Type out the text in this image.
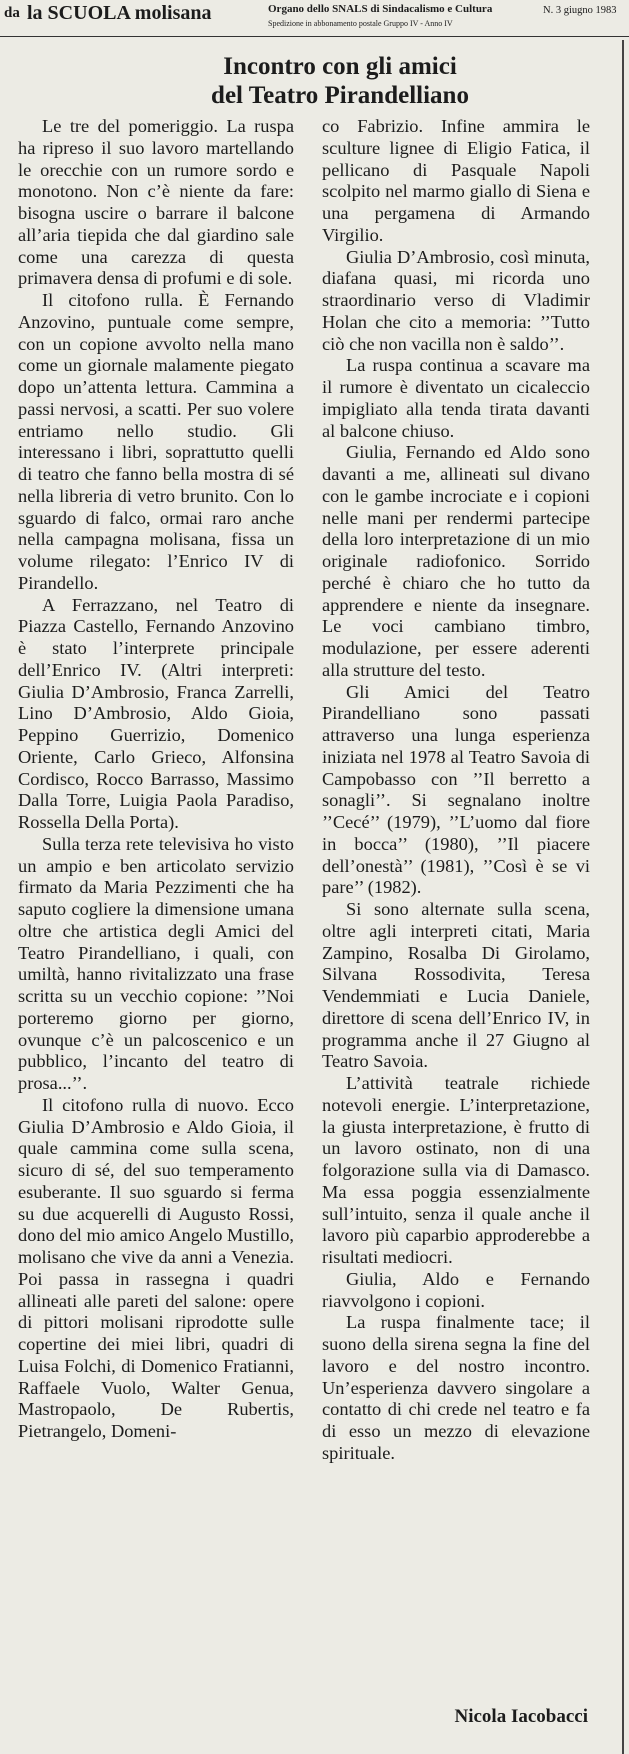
da la SCUOLA molisana	Organo dello SNALS di Sindacalismo e Cultura
Spedizione in abbonamento postale Gruppo IV - Anno IV
N. 3 giugno 1983
Incontro con gli amici
del Teatro Pirandelliano

Le tre del pomeriggio. La ruspa ha ripreso il suo lavoro martellando le orecchie con un rumore sordo e monotono. Non c’è niente da fare: bisogna uscire o barrare il balcone all’aria tiepida che dal giardino sale come una carezza di questa primavera densa di profumi e di sole.

Il citofono rulla. È Fernando Anzovino, puntuale come sempre, con un copione avvolto nella mano come un giornale malamente piegato dopo un’attenta lettura. Cammina a passi nervosi, a scatti. Per suo volere entriamo nello studio. Gli interessano i libri, soprattutto quelli di teatro che fanno bella mostra di sé nella libreria di vetro brunito. Con lo sguardo di falco, ormai raro anche nella campagna molisana, fissa un volume rilegato: l’Enrico IV di Pirandello.

A Ferrazzano, nel Teatro di Piazza Castello, Fernando Anzovino è stato l’interprete principale dell’Enrico IV. (Altri interpreti: Giulia D’Ambrosio, Franca Zarrelli, Lino D’Ambrosio, Aldo Gioia, Peppino Guerrizio, Domenico Oriente, Carlo Grieco, Alfonsina Cordisco, Rocco Barrasso, Massimo Dalla Torre, Luigia Paola Paradiso, Rossella Della Porta).

Sulla terza rete televisiva ho visto un ampio e ben articolato servizio firmato da Maria Pezzimenti che ha saputo cogliere la dimensione umana oltre che artistica degli Amici del Teatro Pirandelliano, i quali, con umiltà, hanno rivitalizzato una frase scritta su un vecchio copione: ’’Noi porteremo giorno per giorno, ovunque c’è un palcoscenico e un pubblico, l’incanto del teatro di prosa...’’.

Il citofono rulla di nuovo. Ecco Giulia D’Ambrosio e Aldo Gioia, il quale cammina come sulla scena, sicuro di sé, del suo temperamento esuberante. Il suo sguardo si ferma su due acquerelli di Augusto Rossi, dono del mio amico Angelo Mustillo, molisano che vive da anni a Venezia. Poi passa in rassegna i quadri allineati alle pareti del salone: opere di pittori molisani riprodotte sulle copertine dei miei libri, quadri di Luisa Folchi, di Domenico Fratianni, Raffaele Vuolo, Walter Genua, Mastropaolo, De Rubertis, Pietrangelo, Domeni-

co Fabrizio. Infine ammira le sculture lignee di Eligio Fatica, il pellicano di Pasquale Napoli scolpito nel marmo giallo di Siena e una pergamena di Armando Virgilio.

Giulia D’Ambrosio, così minuta, diafana quasi, mi ricorda uno straordinario verso di Vladimir Holan che cito a memoria: ’’Tutto ciò che non vacilla non è saldo’’.

La ruspa continua a scavare ma il rumore è diventato un cicaleccio impigliato alla tenda tirata davanti al balcone chiuso.

Giulia, Fernando ed Aldo sono davanti a me, allineati sul divano con le gambe incrociate e i copioni nelle mani per rendermi partecipe della loro interpretazione di un mio originale radiofonico. Sorrido perché è chiaro che ho tutto da apprendere e niente da insegnare. Le voci cambiano timbro, modulazione, per essere aderenti alla strutture del testo.

Gli Amici del Teatro Pirandelliano sono passati attraverso una lunga esperienza iniziata nel 1978 al Teatro Savoia di Campobasso con ’’Il berretto a sonagli’’. Si segnalano inoltre ’’Cecé’’ (1979), ’’L’uomo dal fiore in bocca’’ (1980), ’’Il piacere dell’onestà’’ (1981), ’’Così è se vi pare’’ (1982).

Si sono alternate sulla scena, oltre agli interpreti citati, Maria Zampino, Rosalba Di Girolamo, Silvana Rossodivita, Teresa Vendemmiati e Lucia Daniele, direttore di scena dell’Enrico IV, in programma anche il 27 Giugno al Teatro Savoia.

L’attività teatrale richiede notevoli energie. L’interpretazione, la giusta interpretazione, è frutto di un lavoro ostinato, non di una folgorazione sulla via di Damasco. Ma essa poggia essenzialmente sull’intuito, senza il quale anche il lavoro più caparbio approderebbe a risultati mediocri.

Giulia, Aldo e Fernando riavvolgono i copioni.

La ruspa finalmente tace; il suono della sirena segna la fine del lavoro e del nostro incontro. Un’esperienza davvero singolare a contatto di chi crede nel teatro e fa di esso un mezzo di elevazione spirituale.

Nicola Iacobacci
